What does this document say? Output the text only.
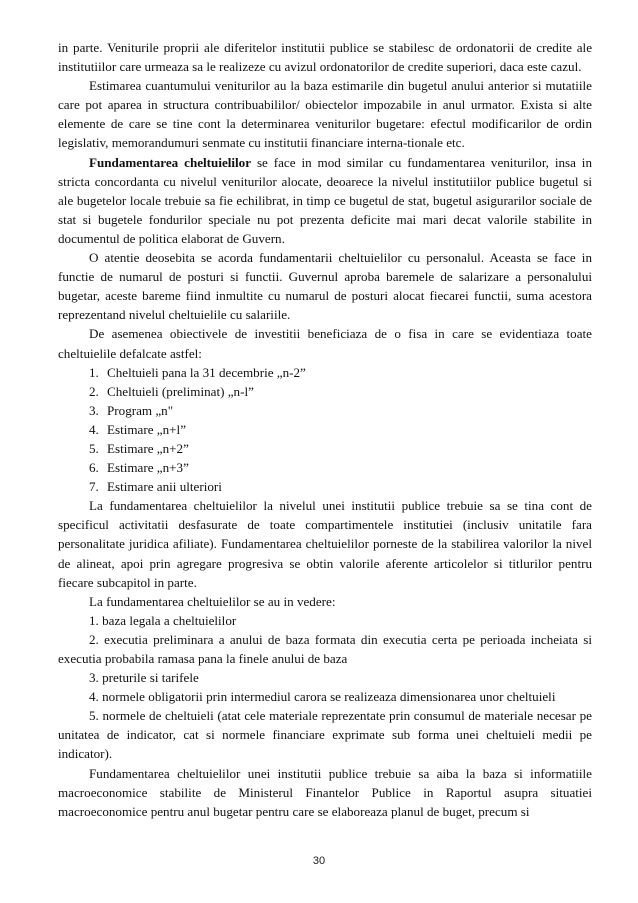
in parte. Veniturile proprii ale diferitelor institutii publice se stabilesc de ordonatorii de credite ale institutiilor care urmeaza sa le realizeze cu avizul ordonatorilor de credite superiori, daca este cazul.

Estimarea cuantumului veniturilor au la baza estimarile din bugetul anului anterior si mutatiile care pot aparea in structura contribuabililor/ obiectelor impozabile in anul urmator. Exista si alte elemente de care se tine cont la determinarea veniturilor bugetare: efectul modificarilor de ordin legislativ, memorandumuri senmate cu institutii financiare interna-tionale etc.

Fundamentarea cheltuielilor se face in mod similar cu fundamentarea veniturilor, insa in stricta concordanta cu nivelul veniturilor alocate, deoarece la nivelul institutiilor publice bugetul si ale bugetelor locale trebuie sa fie echilibrat, in timp ce bugetul de stat, bugetul asigurarilor sociale de stat si bugetele fondurilor speciale nu pot prezenta deficite mai mari decat valorile stabilite in documentul de politica elaborat de Guvern.

O atentie deosebita se acorda fundamentarii cheltuielilor cu personalul. Aceasta se face in functie de numarul de posturi si functii. Guvernul aproba baremele de salarizare a personalului bugetar, aceste bareme fiind inmultite cu numarul de posturi alocat fiecarei functii, suma acestora reprezentand nivelul cheltuielile cu salariile.

De asemenea obiectivele de investitii beneficiaza de o fisa in care se evidentiaza toate cheltuielile defalcate astfel:

1. Cheltuieli pana la 31 decembrie „n-2”

2. Cheltuieli (preliminat) „n-l”

3. Program „n"

4. Estimare „n+l”

5. Estimare „n+2”

6. Estimare „n+3”

7. Estimare anii ulteriori

La fundamentarea cheltuielilor la nivelul unei institutii publice trebuie sa se tina cont de specificul activitatii desfasurate de toate compartimentele institutiei (inclusiv unitatile fara personalitate juridica afiliate). Fundamentarea cheltuielilor porneste de la stabilirea valorilor la nivel de alineat, apoi prin agregare progresiva se obtin valorile aferente articolelor si titlurilor pentru fiecare subcapitol in parte.

La fundamentarea cheltuielilor se au in vedere:

1. baza legala a cheltuielilor

2. executia preliminara a anului de baza formata din executia certa pe perioada incheiata si executia probabila ramasa pana la finele anului de baza

3. preturile si tarifele

4. normele obligatorii prin intermediul carora se realizeaza dimensionarea unor cheltuieli

5. normele de cheltuieli (atat cele materiale reprezentate prin consumul de materiale necesar pe unitatea de indicator, cat si normele financiare exprimate sub forma unei cheltuieli medii pe indicator).

Fundamentarea cheltuielilor unei institutii publice trebuie sa aiba la baza si informatiile macroeconomice stabilite de Ministerul Finantelor Publice in Raportul asupra situatiei macroeconomice pentru anul bugetar pentru care se elaboreaza planul de buget, precum si

30
